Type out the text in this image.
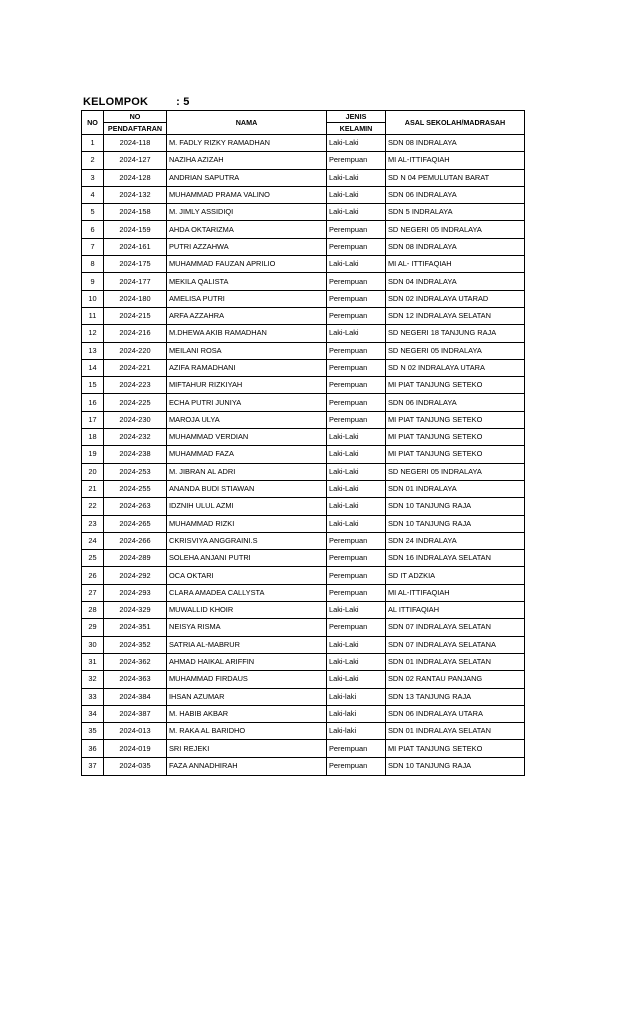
KELOMPOK	: 5
NO	NO	NAMA	JENIS	ASAL SEKOLAH/MADRASAH
	PENDAFTARAN		KELAMIN	
1	2024-118	M. FADLY RIZKY RAMADHAN	Laki-Laki	SDN 08 INDRALAYA
2	2024-127	NAZIHA AZIZAH	Perempuan	MI AL-ITTIFAQIAH
3	2024-128	ANDRIAN SAPUTRA	Laki-Laki	SD N 04 PEMULUTAN BARAT
4	2024-132	MUHAMMAD PRAMA VALINO	Laki-Laki	SDN 06 INDRALAYA
5	2024-158	M. JIMLY ASSIDIQI	Laki-Laki	SDN 5 INDRALAYA
6	2024-159	AHDA OKTARIZMA	Perempuan	SD NEGERI 05 INDRALAYA
7	2024-161	PUTRI AZZAHWA	Perempuan	SDN 08 INDRALAYA
8	2024-175	MUHAMMAD FAUZAN APRILIO	Laki-Laki	MI AL- ITTIFAQIAH
9	2024-177	MEKILA QALISTA	Perempuan	SDN 04 INDRALAYA
10	2024-180	AMELISA PUTRI	Perempuan	SDN 02 INDRALAYA UTARAD
11	2024-215	ARFA AZZAHRA	Perempuan	SDN 12 INDRALAYA SELATAN
12	2024-216	M.DHEWA AKIB RAMADHAN	Laki-Laki	SD NEGERI 18 TANJUNG RAJA
13	2024-220	MEILANI ROSA	Perempuan	SD NEGERI 05 INDRALAYA
14	2024-221	AZIFA RAMADHANI	Perempuan	SD N 02 INDRALAYA UTARA
15	2024-223	MIFTAHUR RIZKIYAH	Perempuan	MI PIAT TANJUNG SETEKO
16	2024-225	ECHA PUTRI JUNIYA	Perempuan	SDN 06 INDRALAYA
17	2024-230	MAROJA ULYA	Perempuan	MI PIAT TANJUNG SETEKO
18	2024-232	MUHAMMAD VERDIAN	Laki-Laki	MI PIAT TANJUNG SETEKO
19	2024-238	MUHAMMAD FAZA	Laki-Laki	MI PIAT TANJUNG SETEKO
20	2024-253	M. JIBRAN AL ADRI	Laki-Laki	SD NEGERI 05 INDRALAYA
21	2024-255	ANANDA BUDI STIAWAN	Laki-Laki	SDN 01 INDRALAYA
22	2024-263	IDZNIH ULUL AZMI	Laki-Laki	SDN 10 TANJUNG RAJA
23	2024-265	MUHAMMAD RIZKI	Laki-Laki	SDN 10 TANJUNG RAJA
24	2024-266	CKRISVIYA ANGGRAINI.S	Perempuan	SDN 24 INDRALAYA
25	2024-289	SOLEHA ANJANI PUTRI	Perempuan	SDN 16 INDRALAYA SELATAN
26	2024-292	OCA OKTARI	Perempuan	SD IT ADZKIA
27	2024-293	CLARA AMADEA CALLYSTA	Perempuan	MI AL-ITTIFAQIAH
28	2024-329	MUWALLID KHOIR	Laki-Laki	AL ITTIFAQIAH
29	2024-351	NEISYA RISMA	Perempuan	SDN 07 INDRALAYA SELATAN
30	2024-352	SATRIA AL-MABRUR	Laki-Laki	SDN 07 INDRALAYA SELATANA
31	2024-362	AHMAD HAIKAL ARIFFIN	Laki-Laki	SDN 01 INDRALAYA SELATAN
32	2024-363	MUHAMMAD FIRDAUS	Laki-Laki	SDN 02 RANTAU PANJANG
33	2024-384	IHSAN AZUMAR	Laki-laki	SDN 13 TANJUNG RAJA
34	2024-387	M. HABIB AKBAR	Laki-laki	SDN 06 INDRALAYA UTARA
35	2024-013	M. RAKA AL BARIDHO	Laki-laki	SDN 01 INDRALAYA SELATAN
36	2024-019	SRI REJEKI	Perempuan	MI PIAT TANJUNG SETEKO
37	2024-035	FAZA ANNADHIRAH	Perempuan	SDN 10 TANJUNG RAJA
